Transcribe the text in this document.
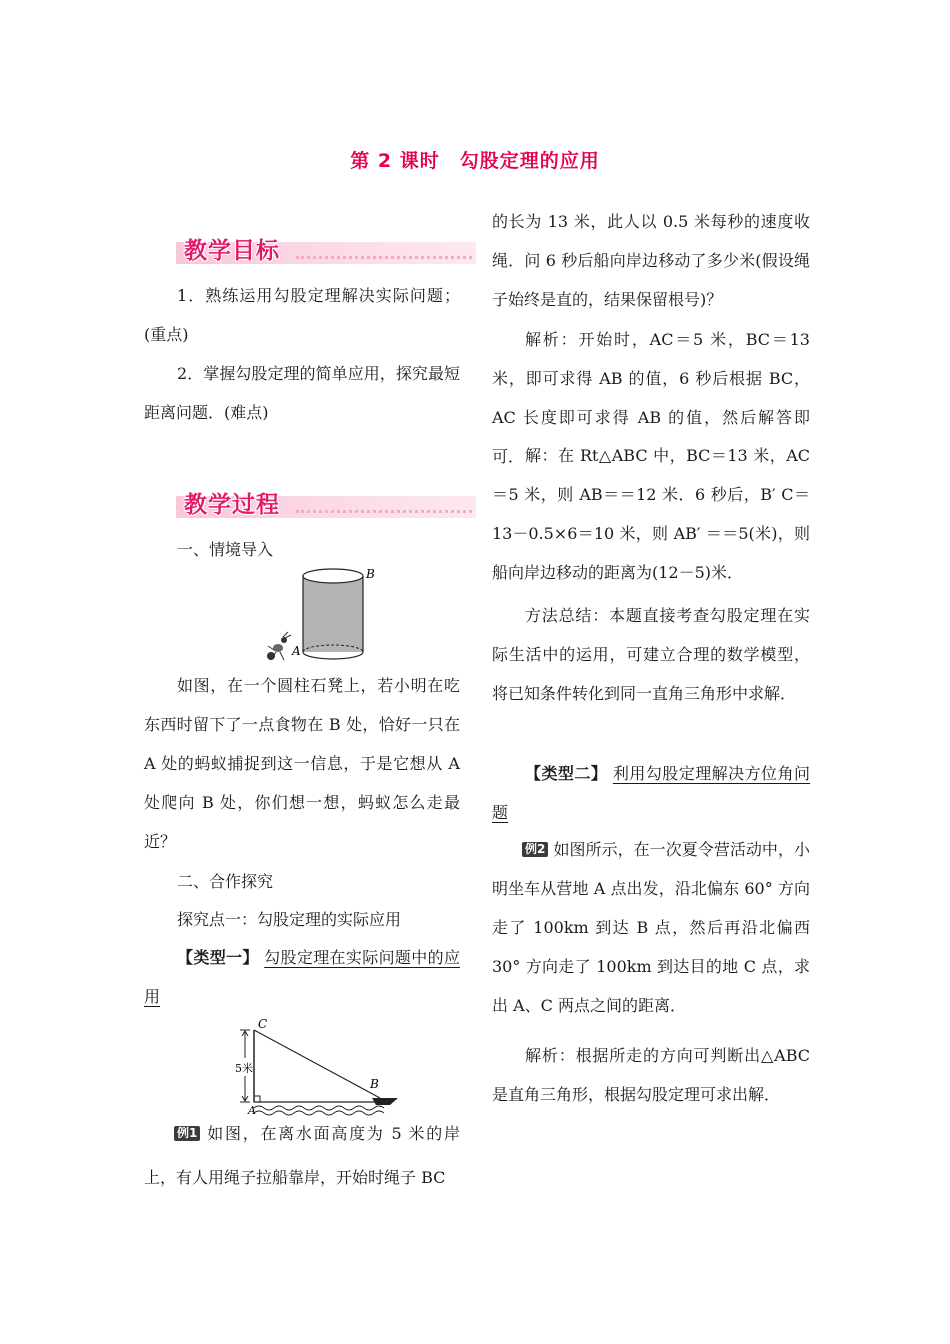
第 2 课时　勾股定理的应用
教学目标

1．熟练运用勾股定理解决实际问题；(重点)

2．掌握勾股定理的简单应用，探究最短距离问题．(难点)

教学过程

一、情境导入

B
A

如图，在一个圆柱石凳上，若小明在吃东西时留下了一点食物在 B 处，恰好一只在 A 处的蚂蚁捕捉到这一信息，于是它想从 A 处爬向 B 处，你们想一想，蚂蚁怎么走最近？

二、合作探究

探究点一：勾股定理的实际应用

【类型一】 勾股定理在实际问题中的应用

5米
C
A
B

例1 如图，在离水面高度为 5 米的岸上，有人用绳子拉船靠岸，开始时绳子 BC

的长为 13 米，此人以 0.5 米每秒的速度收绳．问 6 秒后船向岸边移动了多少米(假设绳子始终是直的，结果保留根号)？

解析：开始时，AC＝5 米，BC＝13 米，即可求得 AB 的值，6 秒后根据 BC，AC 长度即可求得 AB 的值，然后解答即可． 解：在 Rt△ABC 中，BC＝13 米，AC＝5 米，则 AB＝＝12 米．6 秒后，B′ C＝13－0.5×6＝10 米，则 AB′ ＝＝5(米)，则船向岸边移动的距离为(12－5)米．

方法总结：本题直接考查勾股定理在实际生活中的运用，可建立合理的数学模型，将已知条件转化到同一直角三角形中求解．

【类型二】 利用勾股定理解决方位角问题

例2 如图所示，在一次夏令营活动中，小明坐车从营地 A 点出发，沿北偏东 60° 方向走了 100km 到达 B 点，然后再沿北偏西 30° 方向走了 100km 到达目的地 C 点，求出 A、C 两点之间的距离．

解析：根据所走的方向可判断出△ABC 是直角三角形，根据勾股定理可求出解．
